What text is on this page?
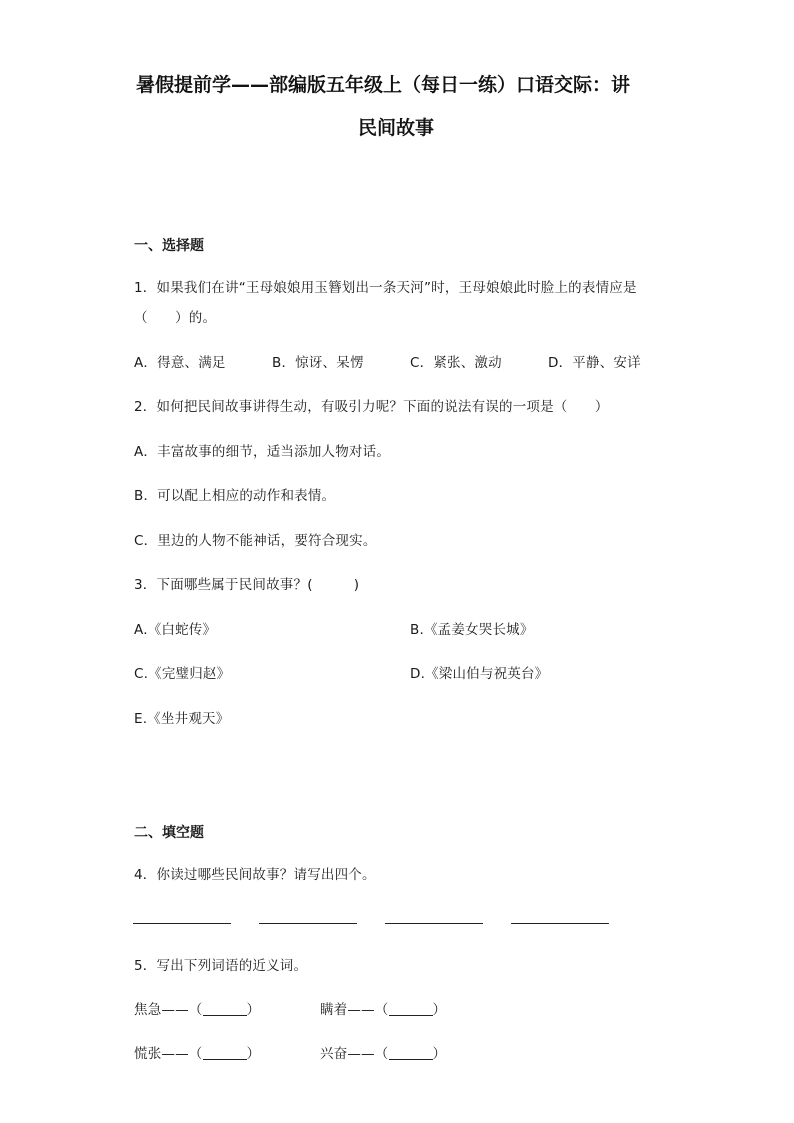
暑假提前学——部编版五年级上（每日一练）口语交际：讲
民间故事
一、选择题
1．如果我们在讲“王母娘娘用玉簪划出一条天河”时，王母娘娘此时脸上的表情应是
（　　）的。
A．得意、满足	B．惊讶、呆愣	C．紧张、激动	D．平静、安详
2．如何把民间故事讲得生动，有吸引力呢？下面的说法有误的一项是（　　）
A．丰富故事的细节，适当添加人物对话。
B．可以配上相应的动作和表情。
C．里边的人物不能神话，要符合现实。
3．下面哪些属于民间故事？(　　　)
A.《白蛇传》	B.《孟姜女哭长城》
C.《完璧归赵》	D.《梁山伯与祝英台》
E.《坐井观天》
二、填空题
4．你读过哪些民间故事？请写出四个。
5．写出下列词语的近义词。
焦急——（	）	瞒着——（	）
慌张——（	）	兴奋——（	）
